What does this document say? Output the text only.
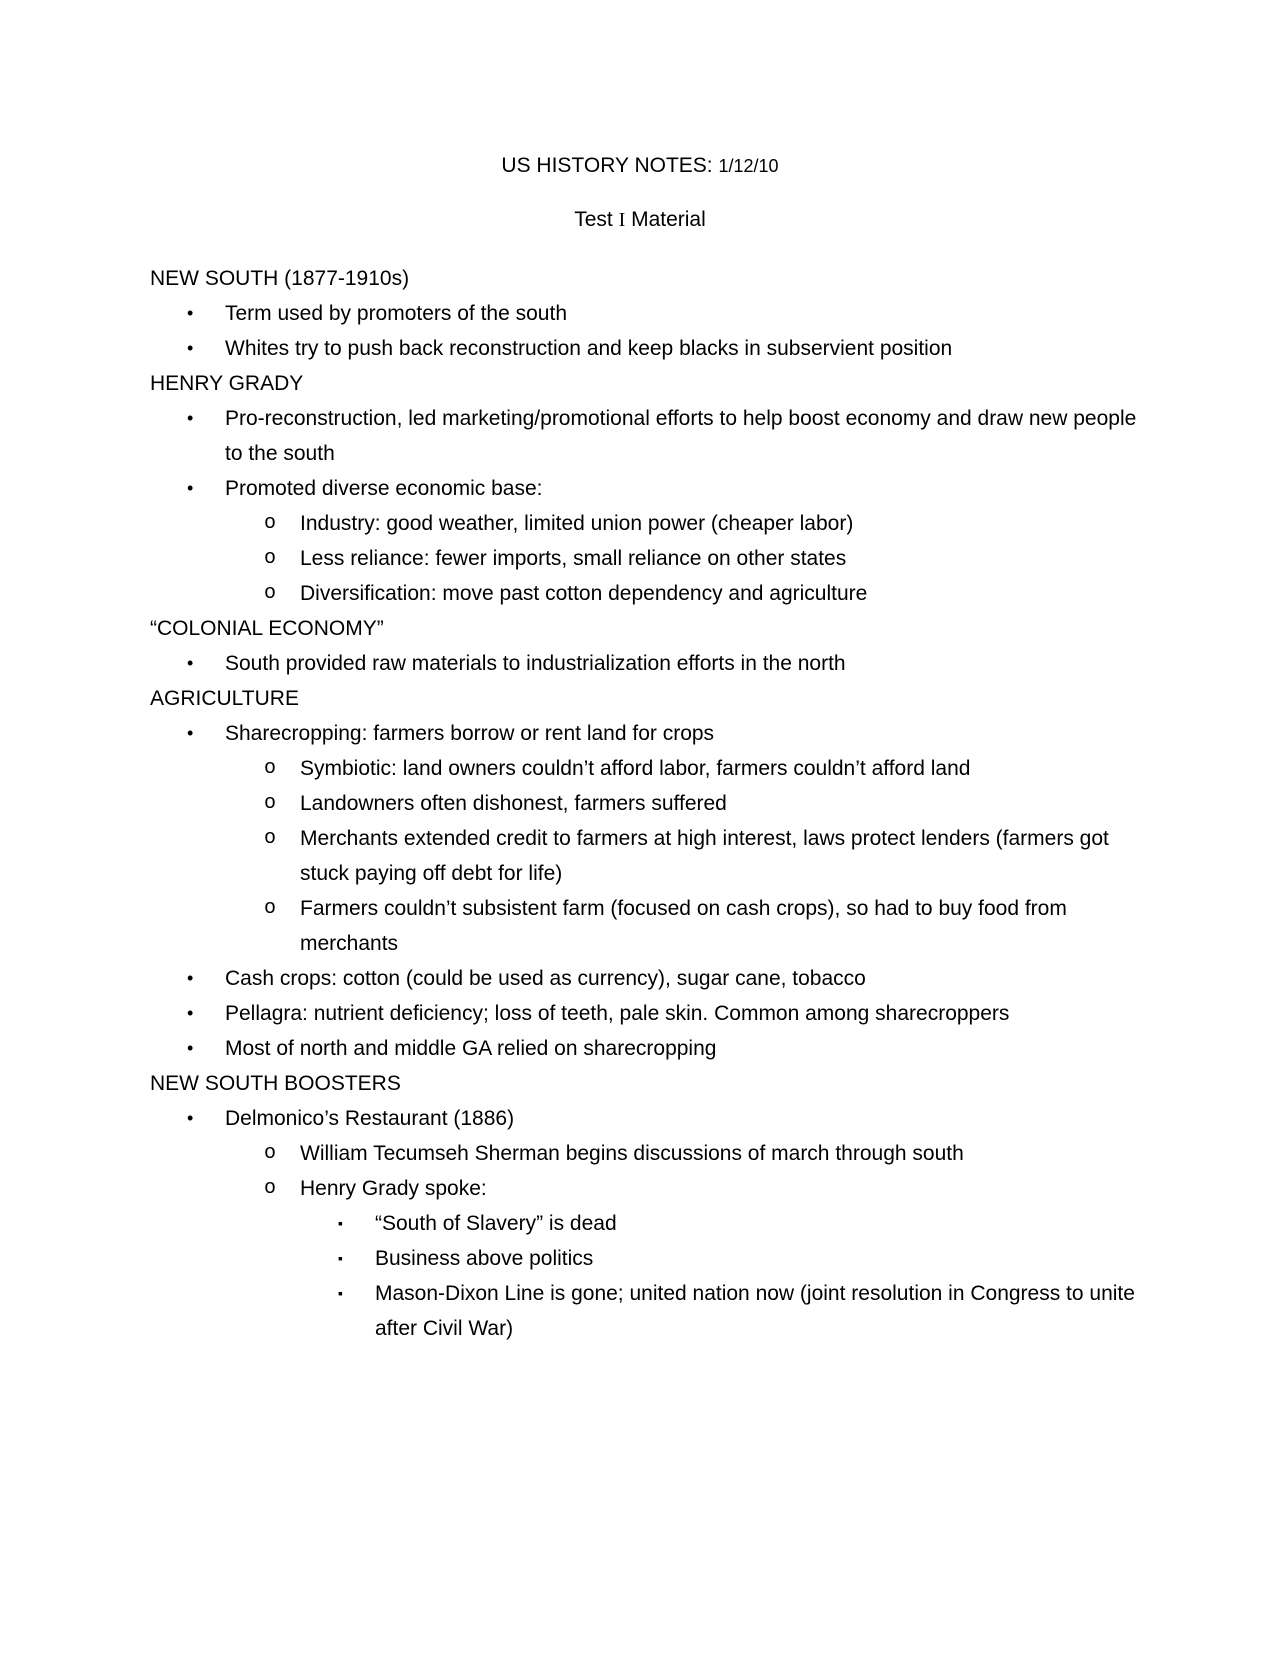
US HISTORY NOTES: 1/12/10
Test I Material
NEW SOUTH (1877-1910s)
• Term used by promoters of the south
• Whites try to push back reconstruction and keep blacks in subservient position
HENRY GRADY
• Pro-reconstruction, led marketing/promotional efforts to help boost economy and draw new people to the south
• Promoted diverse economic base:
o Industry: good weather, limited union power (cheaper labor)
o Less reliance: fewer imports, small reliance on other states
o Diversification: move past cotton dependency and agriculture
“COLONIAL ECONOMY”
• South provided raw materials to industrialization efforts in the north
AGRICULTURE
• Sharecropping: farmers borrow or rent land for crops
o Symbiotic: land owners couldn’t afford labor, farmers couldn’t afford land
o Landowners often dishonest, farmers suffered
o Merchants extended credit to farmers at high interest, laws protect lenders (farmers got stuck paying off debt for life)
o Farmers couldn’t subsistent farm (focused on cash crops), so had to buy food from merchants
• Cash crops: cotton (could be used as currency), sugar cane, tobacco
• Pellagra: nutrient deficiency; loss of teeth, pale skin. Common among sharecroppers
• Most of north and middle GA relied on sharecropping
NEW SOUTH BOOSTERS
• Delmonico’s Restaurant (1886)
o William Tecumseh Sherman begins discussions of march through south
o Henry Grady spoke:
▪ “South of Slavery” is dead
▪ Business above politics
▪ Mason-Dixon Line is gone; united nation now (joint resolution in Congress to unite after Civil War)
